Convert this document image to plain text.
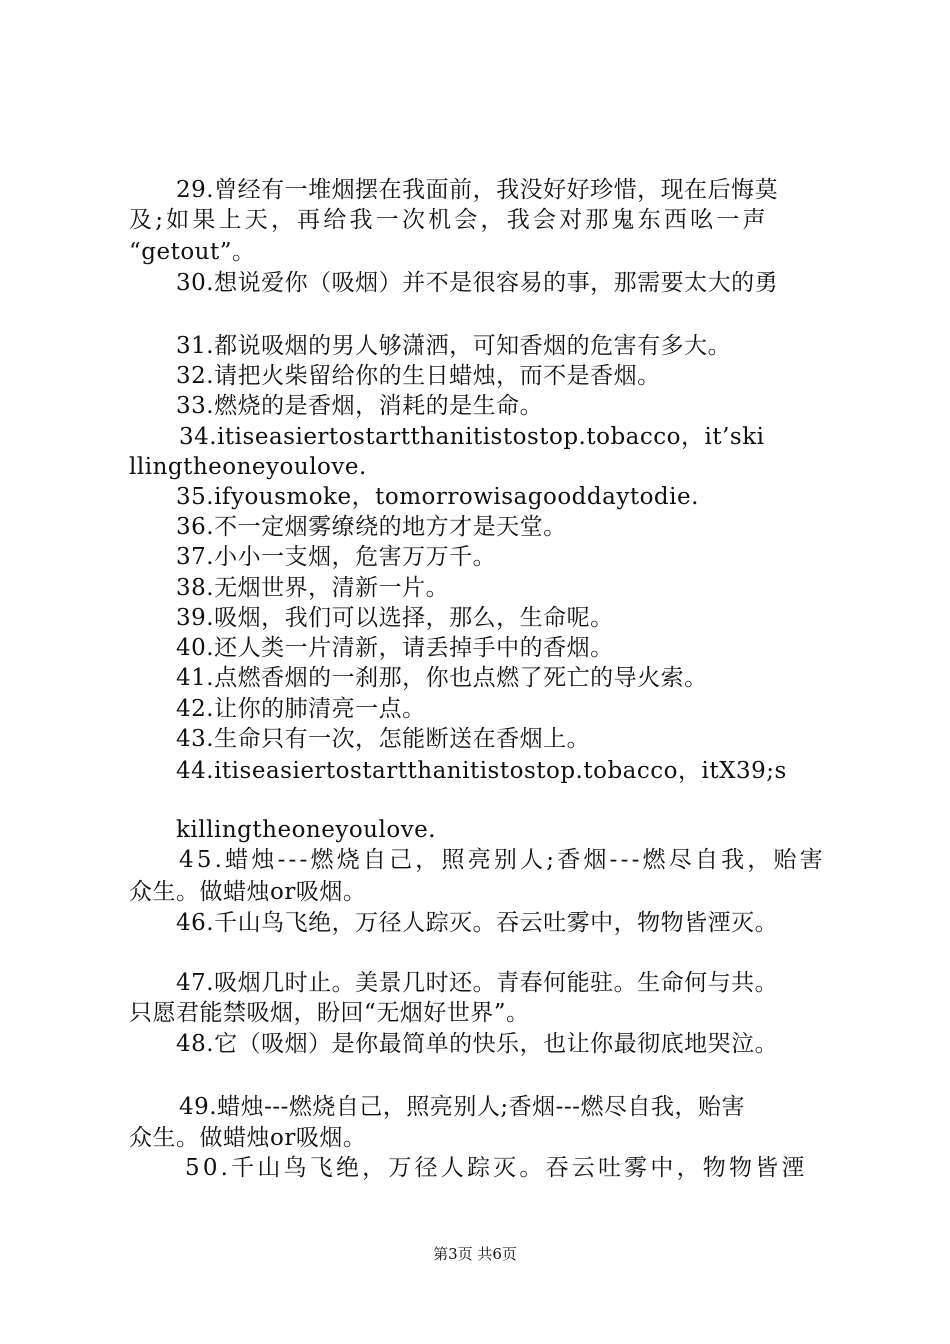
29.曾经有一堆烟摆在我面前，我没好好珍惜，现在后悔莫
及;如果上天，再给我一次机会，我会对那鬼东西吆一声
“getout”。
30.想说爱你（吸烟）并不是很容易的事，那需要太大的勇
31.都说吸烟的男人够潇洒，可知香烟的危害有多大。
32.请把火柴留给你的生日蜡烛，而不是香烟。
33.燃烧的是香烟，消耗的是生命。
34.itiseasiertostartthanitistostop.tobacco，it’ski
llingtheoneyoulove.
35.ifyousmoke，tomorrowisagooddaytodie.
36.不一定烟雾缭绕的地方才是天堂。
37.小小一支烟，危害万万千。
38.无烟世界，清新一片。
39.吸烟，我们可以选择，那么，生命呢。
40.还人类一片清新，请丢掉手中的香烟。
41.点燃香烟的一刹那，你也点燃了死亡的导火索。
42.让你的肺清亮一点。
43.生命只有一次，怎能断送在香烟上。
44.itiseasiertostartthanitistostop.tobacco，itX39;s
killingtheoneyoulove.
45.蜡烛---燃烧自己，照亮别人;香烟---燃尽自我，贻害
众生。做蜡烛or吸烟。
46.千山鸟飞绝，万径人踪灭。吞云吐雾中，物物皆湮灭。
47.吸烟几时止。美景几时还。青春何能驻。生命何与共。
只愿君能禁吸烟，盼回“无烟好世界”。
48.它（吸烟）是你最简单的快乐，也让你最彻底地哭泣。
49.蜡烛---燃烧自己，照亮别人;香烟---燃尽自我，贻害
众生。做蜡烛or吸烟。
50.千山鸟飞绝，万径人踪灭。吞云吐雾中，物物皆湮
第3页 共6页
